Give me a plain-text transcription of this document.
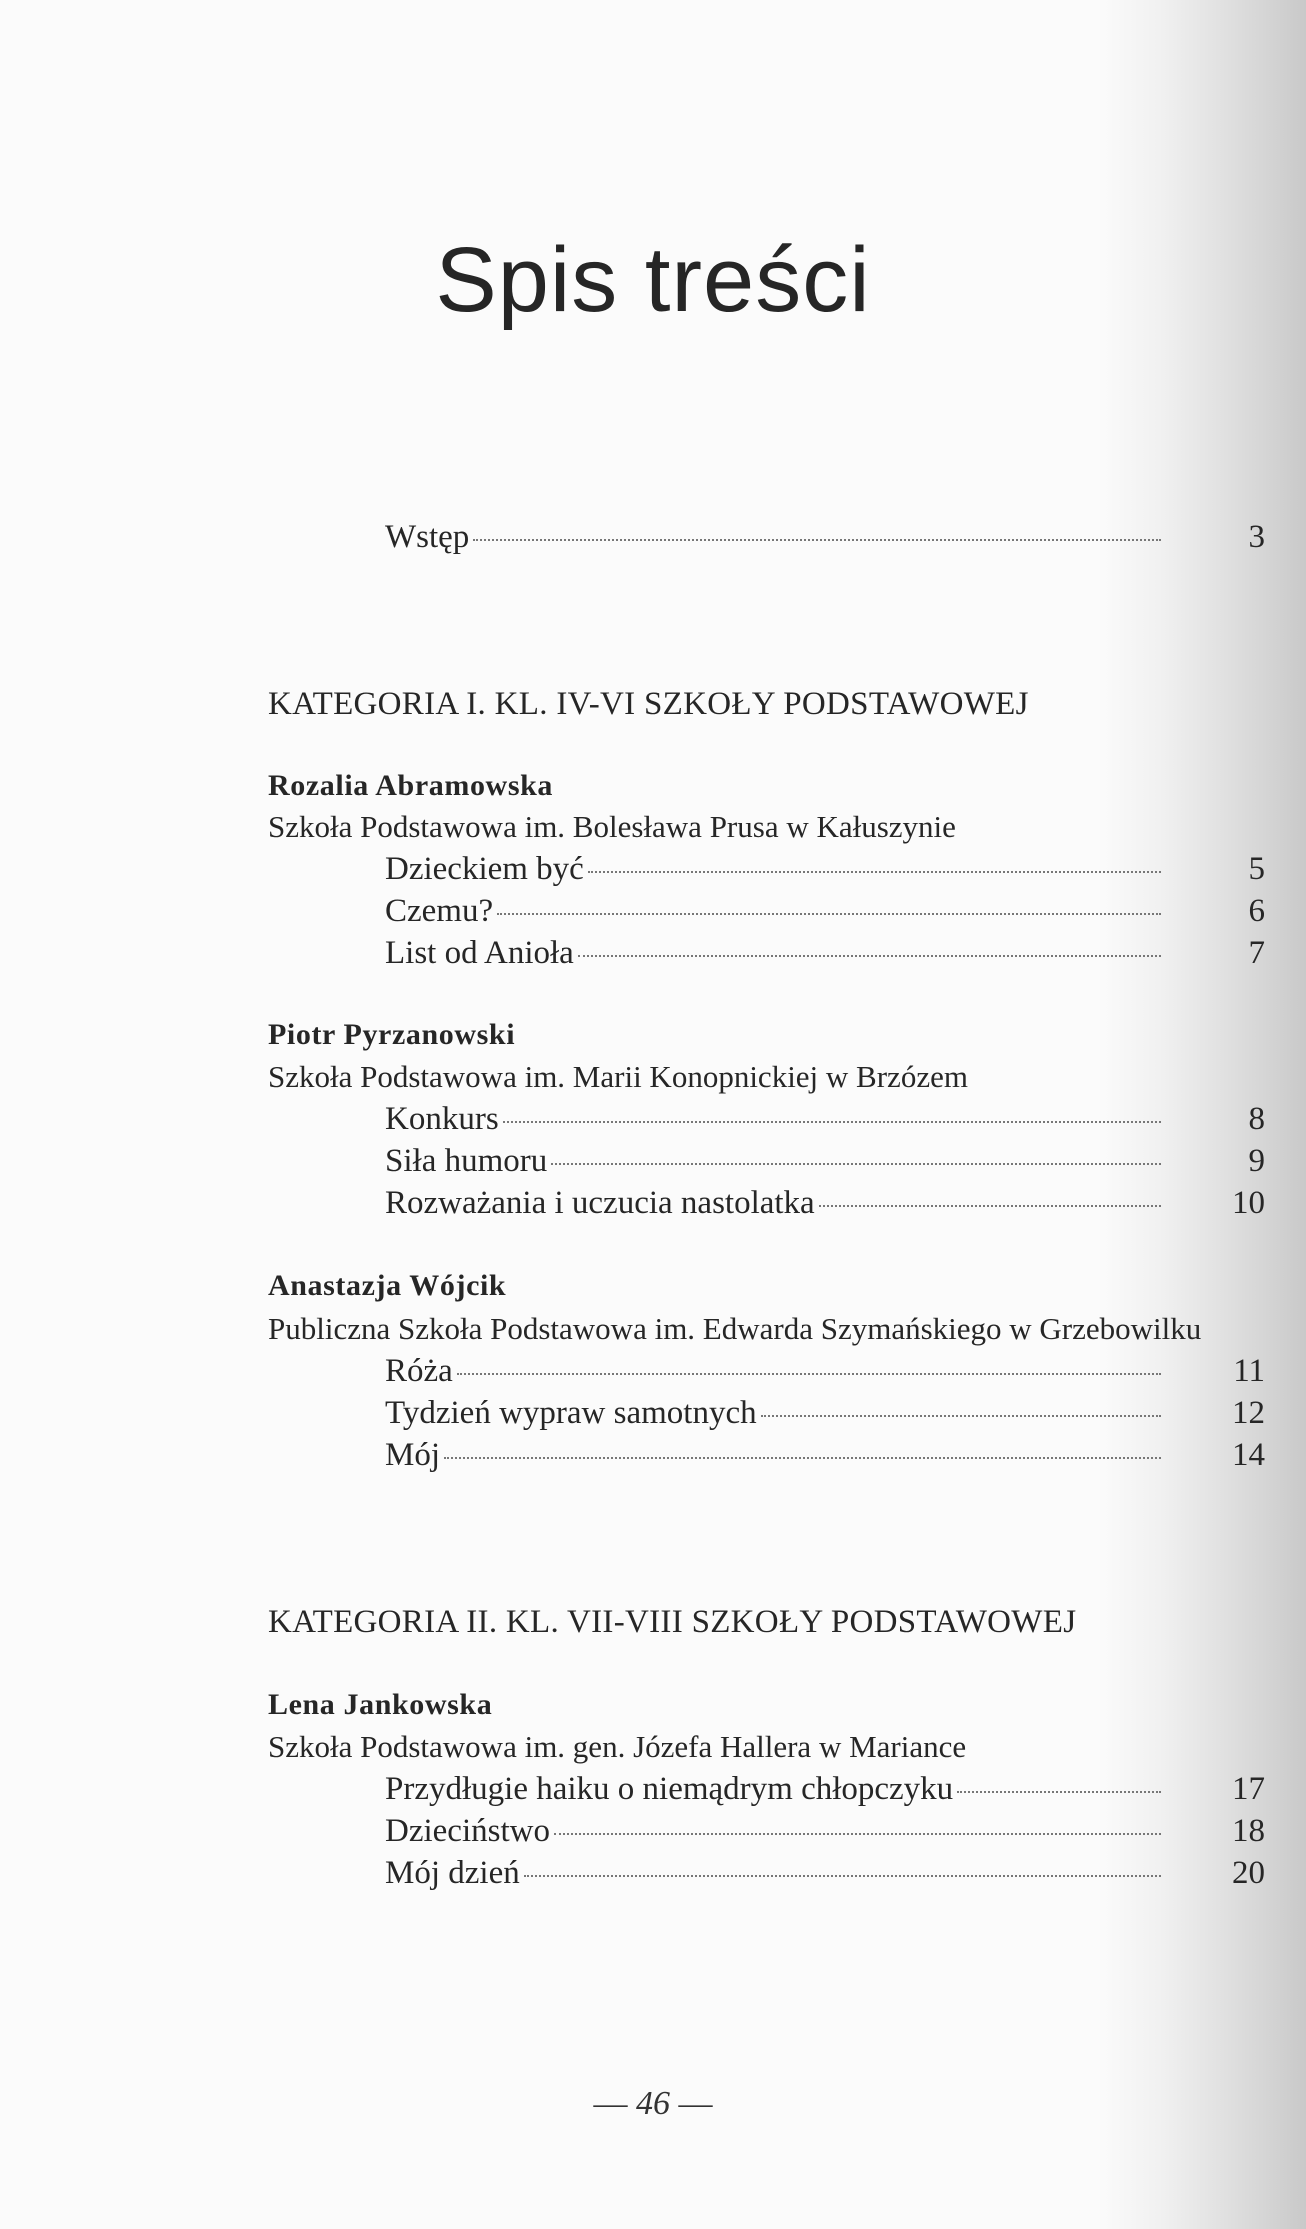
Spis treści
Wstęp	3
KATEGORIA I. KL. IV-VI SZKOŁY PODSTAWOWEJ
Rozalia Abramowska
Szkoła Podstawowa im. Bolesława Prusa w Kałuszynie
Dzieckiem być	5
Czemu?	6
List od Anioła	7
Piotr Pyrzanowski
Szkoła Podstawowa im. Marii Konopnickiej w Brzózem
Konkurs	8
Siła humoru	9
Rozważania i uczucia nastolatka	10
Anastazja Wójcik
Publiczna Szkoła Podstawowa im. Edwarda Szymańskiego w Grzebowilku
Róża	11
Tydzień wypraw samotnych	12
Mój	14
KATEGORIA II. KL. VII-VIII SZKOŁY PODSTAWOWEJ
Lena Jankowska
Szkoła Podstawowa im. gen. Józefa Hallera w Mariance
Przydługie haiku o niemądrym chłopczyku	17
Dzieciństwo	18
Mój dzień	20
— 46 —
